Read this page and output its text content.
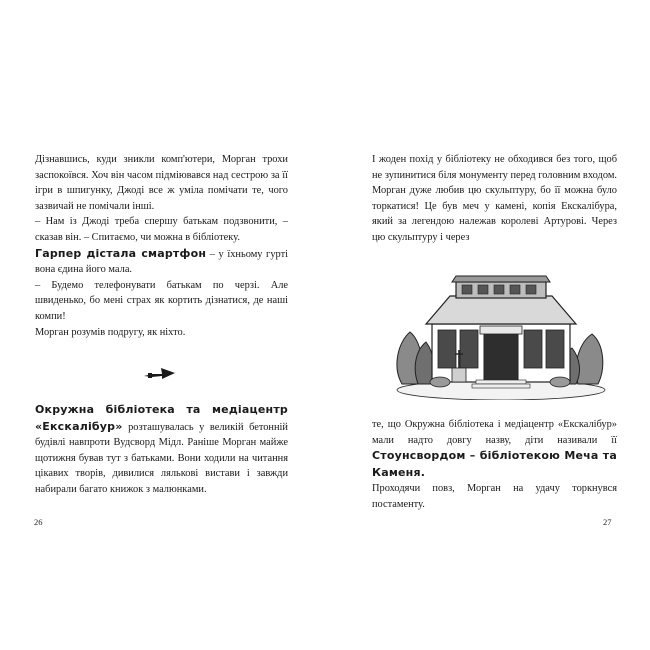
Дізнавшись, куди зникли комп'ютери, Морган трохи заспокоївся. Хоч він часом підміювався над сестрою за її ігри в шпигунку, Джоді все ж уміла помічати те, чого зазвичай не помічали інші.

– Нам із Джоді треба спершу батькам подзвонити, – сказав він. – Спитаємо, чи можна в бібліотеку.

Гарпер дістала смартфон – у їхньому гурті вона єдина його мала.

– Будемо телефонувати батькам по черзі. Але швиденько, бо мені страх як кортить дізнатися, де наші компи!

Морган розумів подругу, як ніхто.

Окружна бібліотека та медіацентр «Екскалібур» розташувалась у великій бетонній будівлі навпроти Вудсворд Мідл. Раніше Морган майже щотижня бував тут з батьками. Вони ходили на читання цікавих творів, дивилися лялькові вистави і завжди набирали багато книжок з малюнками.

26

І жоден похід у бібліотеку не обходився без того, щоб не зупинитися біля монументу перед головним входом. Морган дуже любив цю скульптуру, бо її можна було торкатися! Це був меч у камені, копія Екскалібура, який за легендою належав королеві Артурові. Через цю скульптуру і через

те, що Окружна бібліотека і медіацентр «Екскалібур» мали надто довгу назву, діти називали її Стоунсвордом – бібліотекою Меча та Каменя.

Проходячи повз, Морган на удачу торкнувся постаменту.

27
